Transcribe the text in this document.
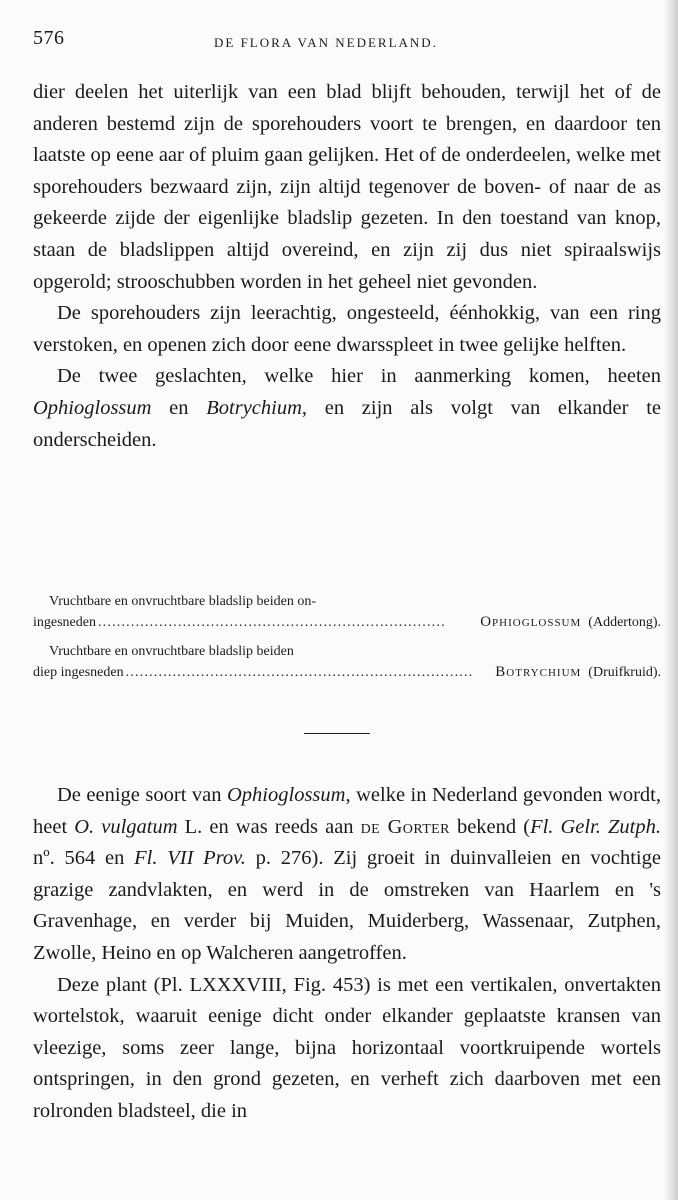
576	DE FLORA VAN NEDERLAND.

dier deelen het uiterlijk van een blad blijft behouden, terwijl het of de anderen bestemd zijn de sporehouders voort te brengen, en daardoor ten laatste op eene aar of pluim gaan gelijken. Het of de onderdeelen, welke met sporehouders bezwaard zijn, zijn altijd tegenover de boven- of naar de as gekeerde zijde der eigenlijke bladslip gezeten. In den toestand van knop, staan de bladslippen altijd overeind, en zijn zij dus niet spiraalswijs opgerold; strooschubben worden in het geheel niet gevonden.

De sporehouders zijn leerachtig, ongesteeld, éénhokkig, van een ring verstoken, en openen zich door eene dwarsspleet in twee gelijke helften.

De twee geslachten, welke hier in aanmerking komen, heeten Ophioglossum en Botrychium, en zijn als volgt van elkander te onderscheiden.

Vruchtbare en onvruchtbare bladslip beiden on-
ingesneden ..........................................................................	Ophioglossum
(Addertong).
Vruchtbare en onvruchtbare bladslip beiden
diep ingesneden ..........................................................................	Botrychium
(Druifkruid).

De eenige soort van Ophioglossum, welke in Nederland gevonden wordt, heet O. vulgatum L. en was reeds aan de Gorter bekend (Fl. Gelr. Zutph. nº. 564 en Fl. VII Prov. p. 276). Zij groeit in duinvalleien en vochtige grazige zandvlakten, en werd in de omstreken van Haarlem en 's Gravenhage, en verder bij Muiden, Muiderberg, Wassenaar, Zutphen, Zwolle, Heino en op Walcheren aangetroffen.

Deze plant (Pl. LXXXVIII, Fig. 453) is met een vertikalen, onvertakten wortelstok, waaruit eenige dicht onder elkander geplaatste kransen van vleezige, soms zeer lange, bijna horizontaal voortkruipende wortels ontspringen, in den grond gezeten, en verheft zich daarboven met een rolronden bladsteel, die in
